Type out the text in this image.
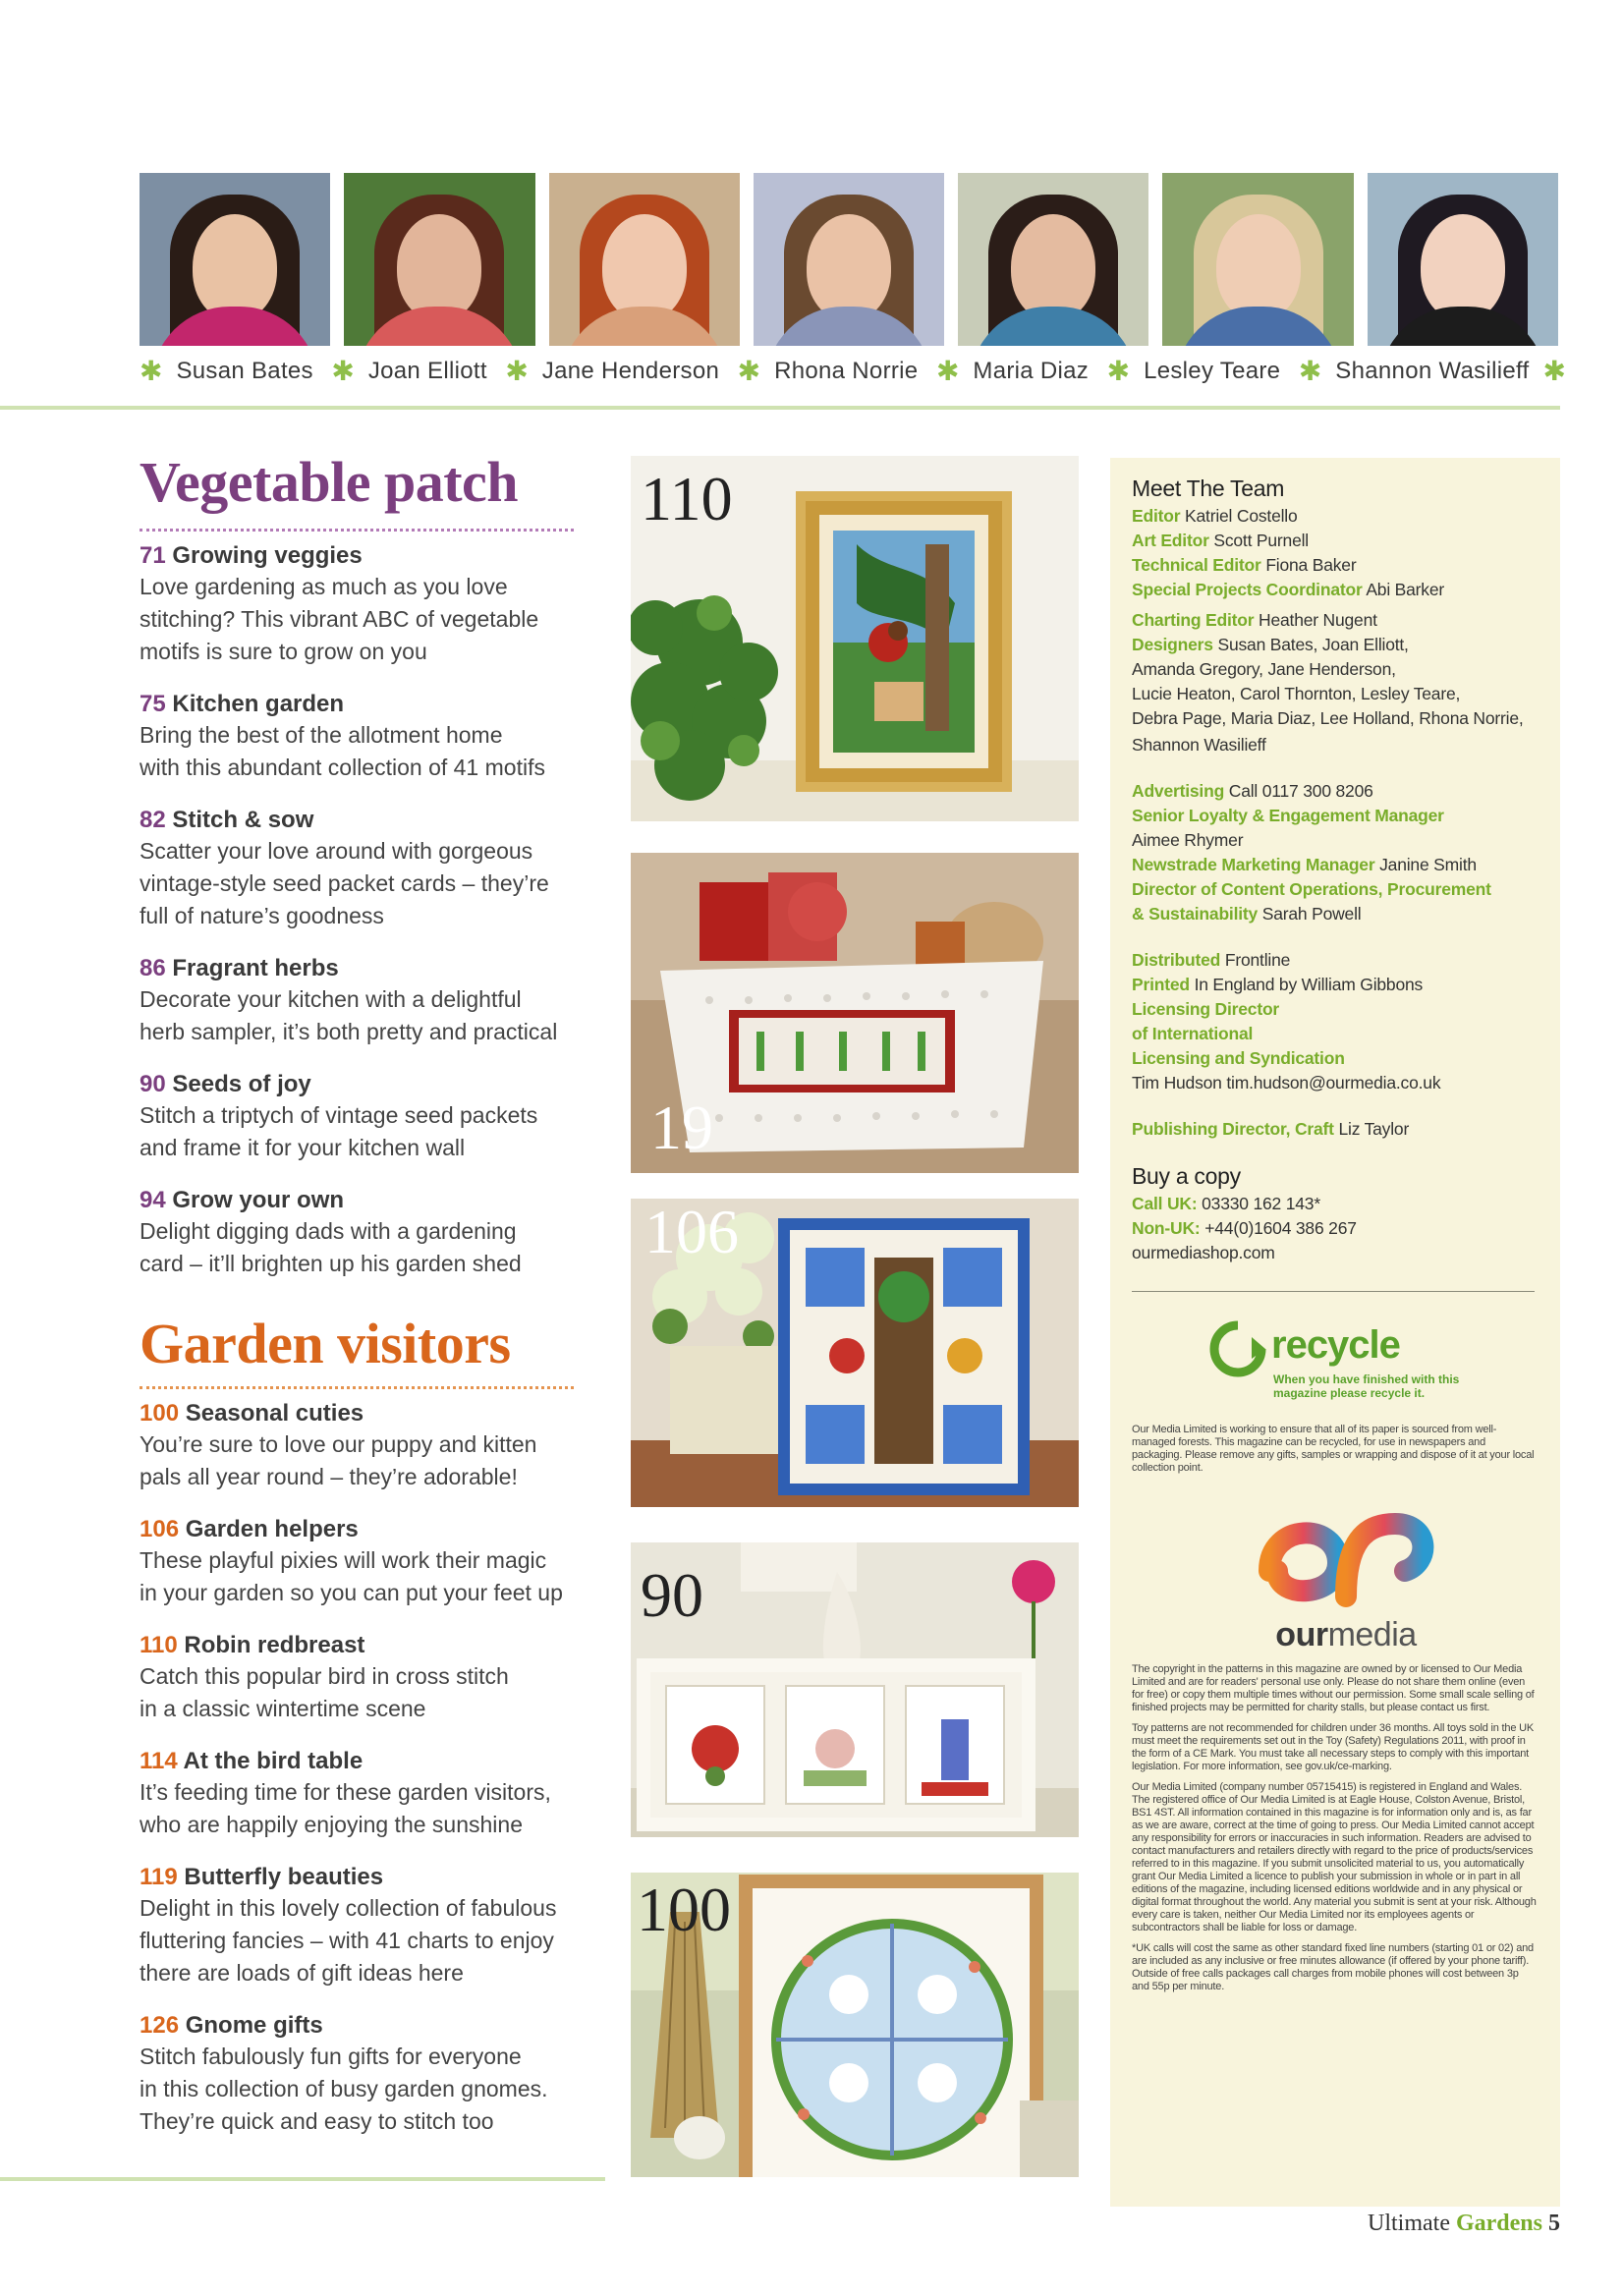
✱ Susan Bates ✱ Joan Elliott ✱ Jane Henderson ✱ Rhona Norrie ✱ Maria Diaz ✱ Lesley Teare ✱ Shannon Wasilieff ✱
Vegetable patch
71 Growing veggies
Love gardening as much as you love
stitching? This vibrant ABC of vegetable
motifs is sure to grow on you
75 Kitchen garden
Bring the best of the allotment home
with this abundant collection of 41 motifs
82 Stitch & sow
Scatter your love around with gorgeous
vintage-style seed packet cards – they’re
full of nature’s goodness
86 Fragrant herbs
Decorate your kitchen with a delightful
herb sampler, it’s both pretty and practical
90 Seeds of joy
Stitch a triptych of vintage seed packets
and frame it for your kitchen wall
94 Grow your own
Delight digging dads with a gardening
card – it’ll brighten up his garden shed
Garden visitors
100 Seasonal cuties
You’re sure to love our puppy and kitten
pals all year round – they’re adorable!
106 Garden helpers
These playful pixies will work their magic
in your garden so you can put your feet up
110 Robin redbreast
Catch this popular bird in cross stitch
in a classic wintertime scene
114 At the bird table
It’s feeding time for these garden visitors,
who are happily enjoying the sunshine
119 Butterfly beauties
Delight in this lovely collection of fabulous
fluttering fancies – with 41 charts to enjoy
there are loads of gift ideas here
126 Gnome gifts
Stitch fabulously fun gifts for everyone
in this collection of busy garden gnomes.
They’re quick and easy to stitch too
110
19
106
90
100
Meet The Team
Editor Katriel Costello
Art Editor Scott Purnell
Technical Editor Fiona Baker
Special Projects Coordinator Abi Barker
Charting Editor Heather Nugent
Designers Susan Bates, Joan Elliott,
Amanda Gregory, Jane Henderson,
Lucie Heaton, Carol Thornton, Lesley Teare,
Debra Page, Maria Diaz, Lee Holland, Rhona Norrie,
Shannon Wasilieff
Advertising Call 0117 300 8206
Senior Loyalty & Engagement Manager
Aimee Rhymer
Newstrade Marketing Manager Janine Smith
Director of Content Operations, Procurement
& Sustainability Sarah Powell
Distributed Frontline
Printed In England by William Gibbons
Licensing Director
of International
Licensing and Syndication
Tim Hudson tim.hudson@ourmedia.co.uk
Publishing Director, Craft Liz Taylor
Buy a copy
Call UK: 03330 162 143*
Non-UK: +44(0)1604 386 267
ourmediashop.com
recycle
When you have finished with this magazine please recycle it.
Our Media Limited is working to ensure that all of its paper is sourced from well-managed forests. This magazine can be recycled, for use in newspapers and packaging. Please remove any gifts, samples or wrapping and dispose of it at your local collection point.
ourmedia

The copyright in the patterns in this magazine are owned by or licensed to Our Media Limited and are for readers' personal use only. Please do not share them online (even for free) or copy them multiple times without our permission. Some small scale selling of finished projects may be permitted for charity stalls, but please contact us first.

Toy patterns are not recommended for children under 36 months. All toys sold in the UK must meet the requirements set out in the Toy (Safety) Regulations 2011, with proof in the form of a CE Mark. You must take all necessary steps to comply with this important legislation. For more information, see gov.uk/ce-marking.

Our Media Limited (company number 05715415) is registered in England and Wales. The registered office of Our Media Limited is at Eagle House, Colston Avenue, Bristol, BS1 4ST. All information contained in this magazine is for information only and is, as far as we are aware, correct at the time of going to press. Our Media Limited cannot accept any responsibility for errors or inaccuracies in such information. Readers are advised to contact manufacturers and retailers directly with regard to the price of products/services referred to in this magazine. If you submit unsolicited material to us, you automatically grant Our Media Limited a licence to publish your submission in whole or in part in all editions of the magazine, including licensed editions worldwide and in any physical or digital format throughout the world. Any material you submit is sent at your risk. Although every care is taken, neither Our Media Limited nor its employees agents or subcontractors shall be liable for loss or damage.

*UK calls will cost the same as other standard fixed line numbers (starting 01 or 02) and are included as any inclusive or free minutes allowance (if offered by your phone tariff). Outside of free calls packages call charges from mobile phones will cost between 3p and 55p per minute.

Ultimate Gardens 5
